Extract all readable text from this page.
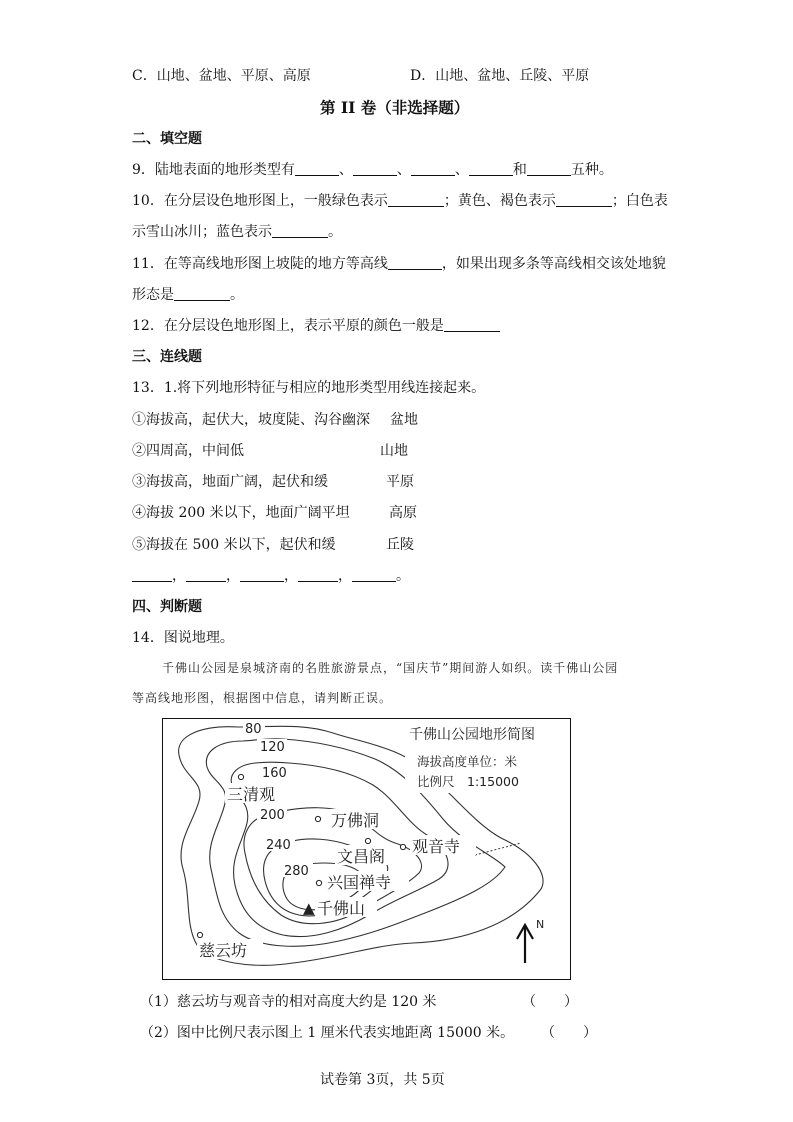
C．山地、盆地、平原、高原	D．山地、盆地、丘陵、平原
第 II 卷（非选择题）
二、填空题
9．陆地表面的地形类型有	、	、	、	和	五种。
10．在分层设色地形图上，一般绿色表示	；黄色、褐色表示	；白色表
示雪山冰川；蓝色表示	。
11．在等高线地形图上坡陡的地方等高线	，如果出现多条等高线相交该处地貌
形态是	。
12．在分层设色地形图上，表示平原的颜色一般是
三、连线题
13．1.将下列地形特征与相应的地形类型用线连接起来。
①海拔高，起伏大，坡度陡、沟谷幽深 盆地
②四周高，中间低	山地
③海拔高，地面广阔，起伏和缓	平原
④海拔 200 米以下，地面广阔平坦	高原
⑤海拔在 500 米以下，起伏和缓	丘陵
，	，	，	，	。
四、判断题
14．图说地理。
千佛山公园是泉城济南的名胜旅游景点，“国庆节”期间游人如织。读千佛山公园
等高线地形图，根据图中信息，请判断正误。
80
120
160
200
240
280
三清观
万佛洞
文昌阁
观音寺
兴国禅寺
▲ 千佛山
慈云坊
千佛山公园地形简图
海拔高度单位：米
比例尺　1:15000
N
（1）慈云坊与观音寺的相对高度大约是 120 米	（　　）
（2）图中比例尺表示图上 1 厘米代表实地距离 15000 米。 （　　）
试卷第 3页，共 5页
